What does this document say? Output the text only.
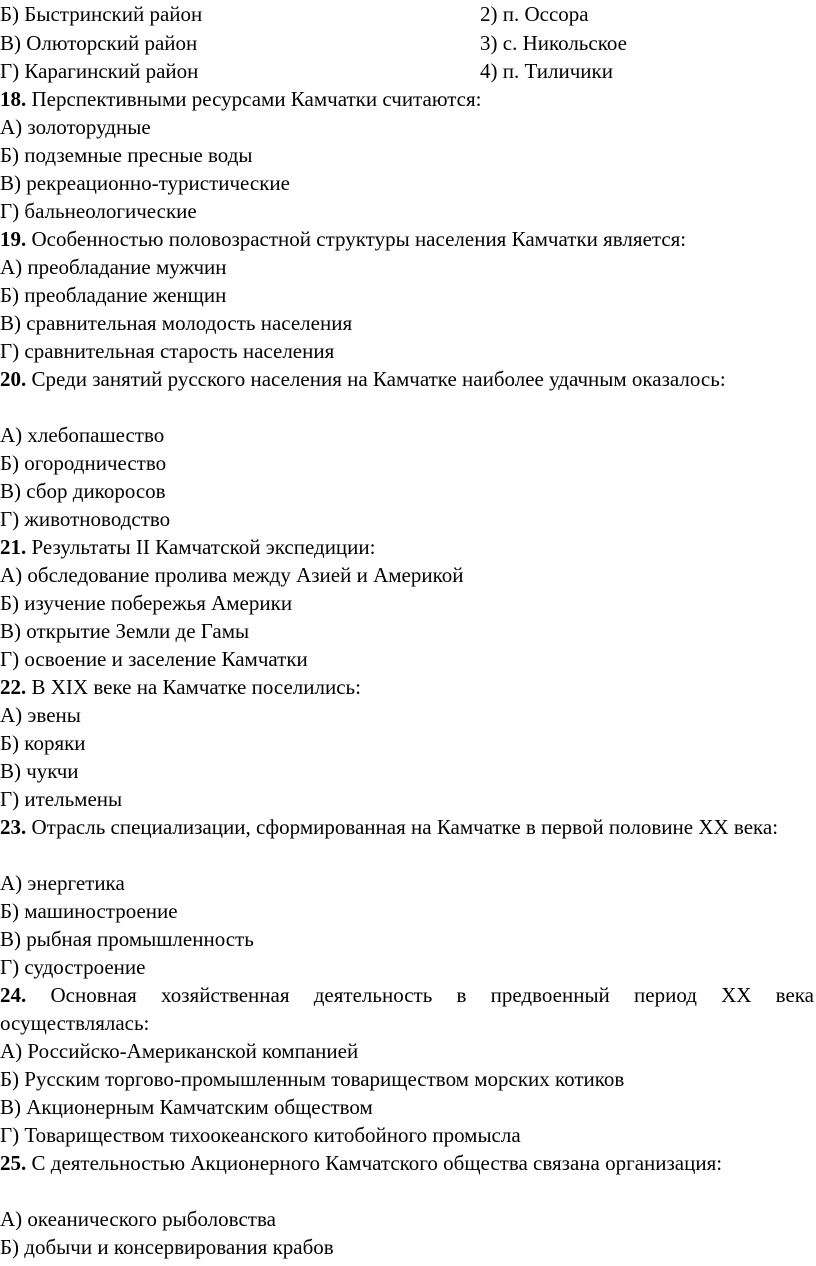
Б) Быстринский район	2) п. Оссора
В) Олюторский район	3) с. Никольское
Г) Карагинский район	4) п. Тиличики
18. Перспективными ресурсами Камчатки считаются:
А) золоторудные
Б) подземные пресные воды
В) рекреационно-туристические
Г) бальнеологические
19. Особенностью половозрастной структуры населения Камчатки является:
А) преобладание мужчин
Б) преобладание женщин
В) сравнительная молодость населения
Г) сравнительная старость населения
20. Среди занятий русского населения на Камчатке наиболее удачным оказалось:
А) хлебопашество
Б) огородничество
В) сбор дикоросов
Г) животноводство
21. Результаты II Камчатской экспедиции:
А) обследование пролива между Азией и Америкой
Б) изучение побережья Америки
В) открытие Земли де Гамы
Г) освоение и заселение Камчатки
22. В XIX веке на Камчатке поселились:
А) эвены
Б) коряки
В) чукчи
Г) ительмены
23. Отрасль специализации, сформированная на Камчатке в первой половине XX века:
А) энергетика
Б) машиностроение
В) рыбная промышленность
Г) судостроение
24. Основная хозяйственная деятельность в предвоенный период XX века осуществлялась:
А) Российско-Американской компанией
Б) Русским торгово-промышленным товариществом морских котиков
В) Акционерным Камчатским обществом
Г) Товариществом тихоокеанского китобойного промысла
25. С деятельностью Акционерного Камчатского общества связана организация:
А) океанического рыболовства
Б) добычи и консервирования крабов
